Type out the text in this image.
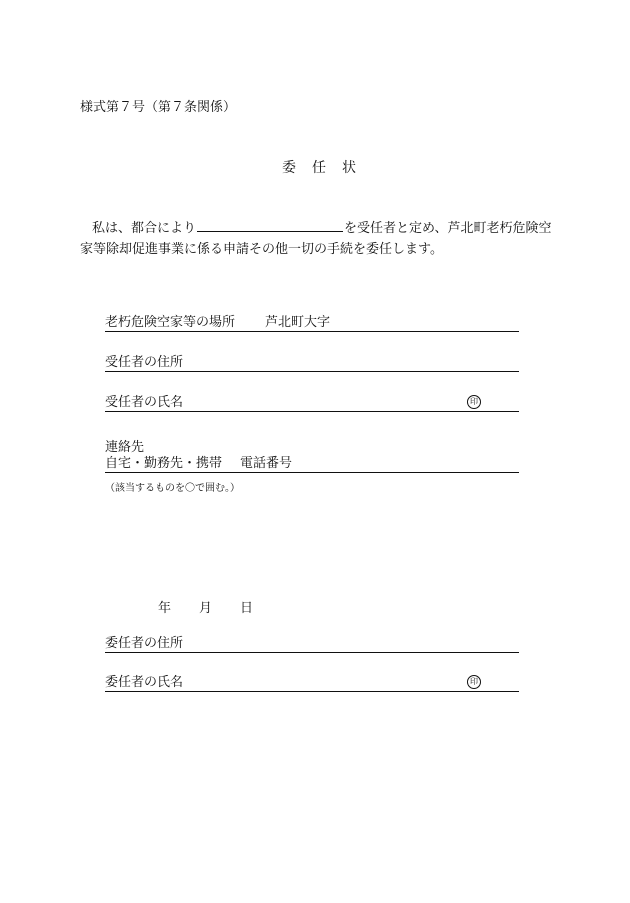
様式第７号（第７条関係）
委任状
私は、都合により	を受任者と定め、芦北町老朽危険空
家等除却促進事業に係る申請その他一切の手続を委任します。
老朽危険空家等の場所 芦北町大字
受任者の住所
受任者の氏名	印
連絡先
自宅・勤務先・携帯 電話番号
（該当するものを〇で囲む。）
年 月 日
委任者の住所
委任者の氏名	印
